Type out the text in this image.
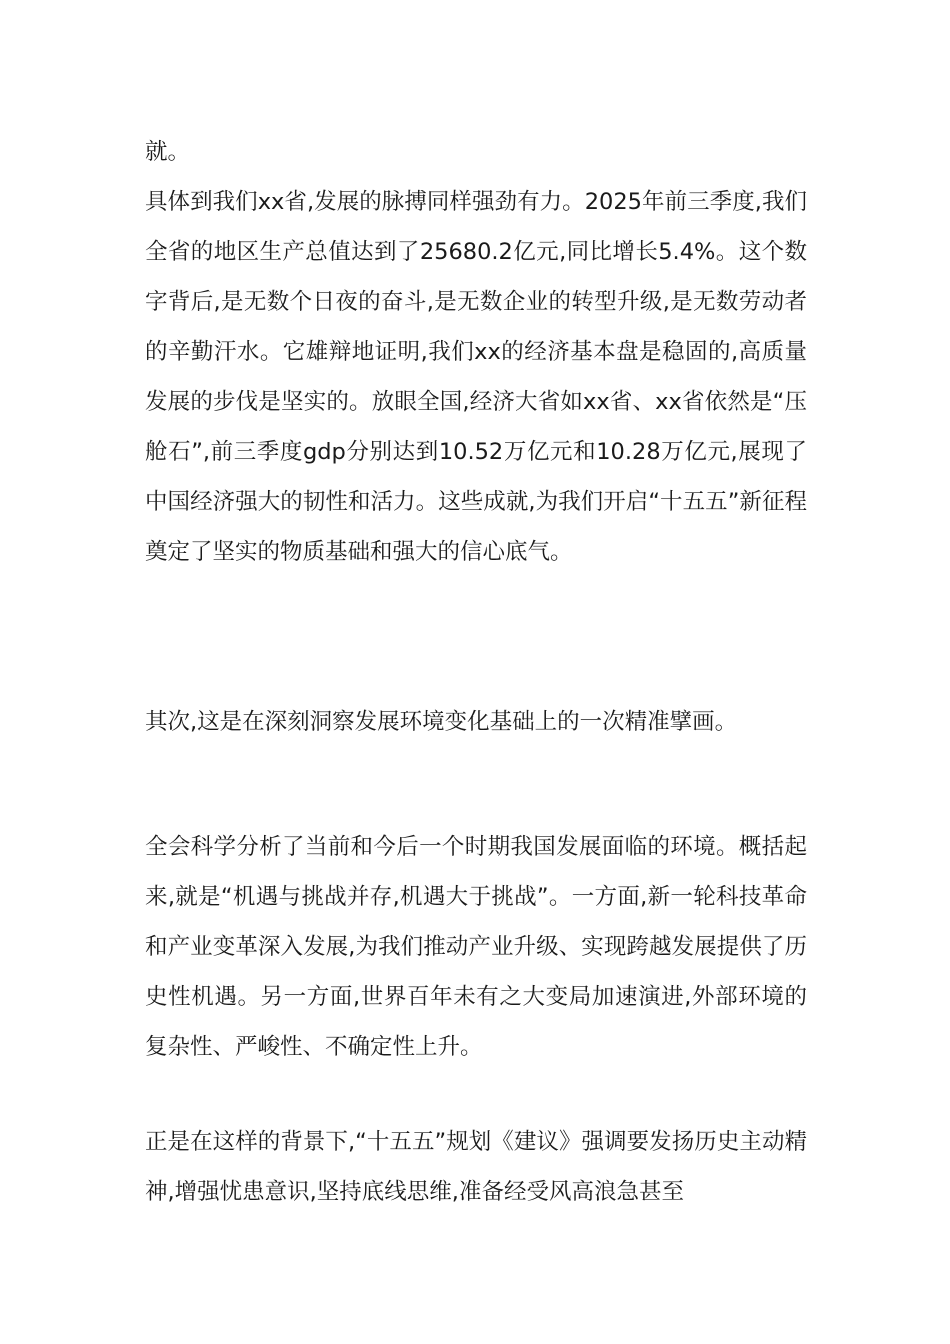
就。

具体到我们xx省,发展的脉搏同样强劲有力。2025年前三季度,我们全省的地区生产总值达到了25680.2亿元,同比增长5.4%。这个数字背后,是无数个日夜的奋斗,是无数企业的转型升级,是无数劳动者的辛勤汗水。它雄辩地证明,我们xx的经济基本盘是稳固的,高质量发展的步伐是坚实的。放眼全国,经济大省如xx省、xx省依然是“压舱石”,前三季度gdp分别达到10.52万亿元和10.28万亿元,展现了中国经济强大的韧性和活力。这些成就,为我们开启“十五五”新征程奠定了坚实的物质基础和强大的信心底气。

其次,这是在深刻洞察发展环境变化基础上的一次精准擘画。

全会科学分析了当前和今后一个时期我国发展面临的环境。概括起来,就是“机遇与挑战并存,机遇大于挑战”。一方面,新一轮科技革命和产业变革深入发展,为我们推动产业升级、实现跨越发展提供了历史性机遇。另一方面,世界百年未有之大变局加速演进,外部环境的复杂性、严峻性、不确定性上升。

正是在这样的背景下,“十五五”规划《建议》强调要发扬历史主动精神,增强忧患意识,坚持底线思维,准备经受风高浪急甚至
